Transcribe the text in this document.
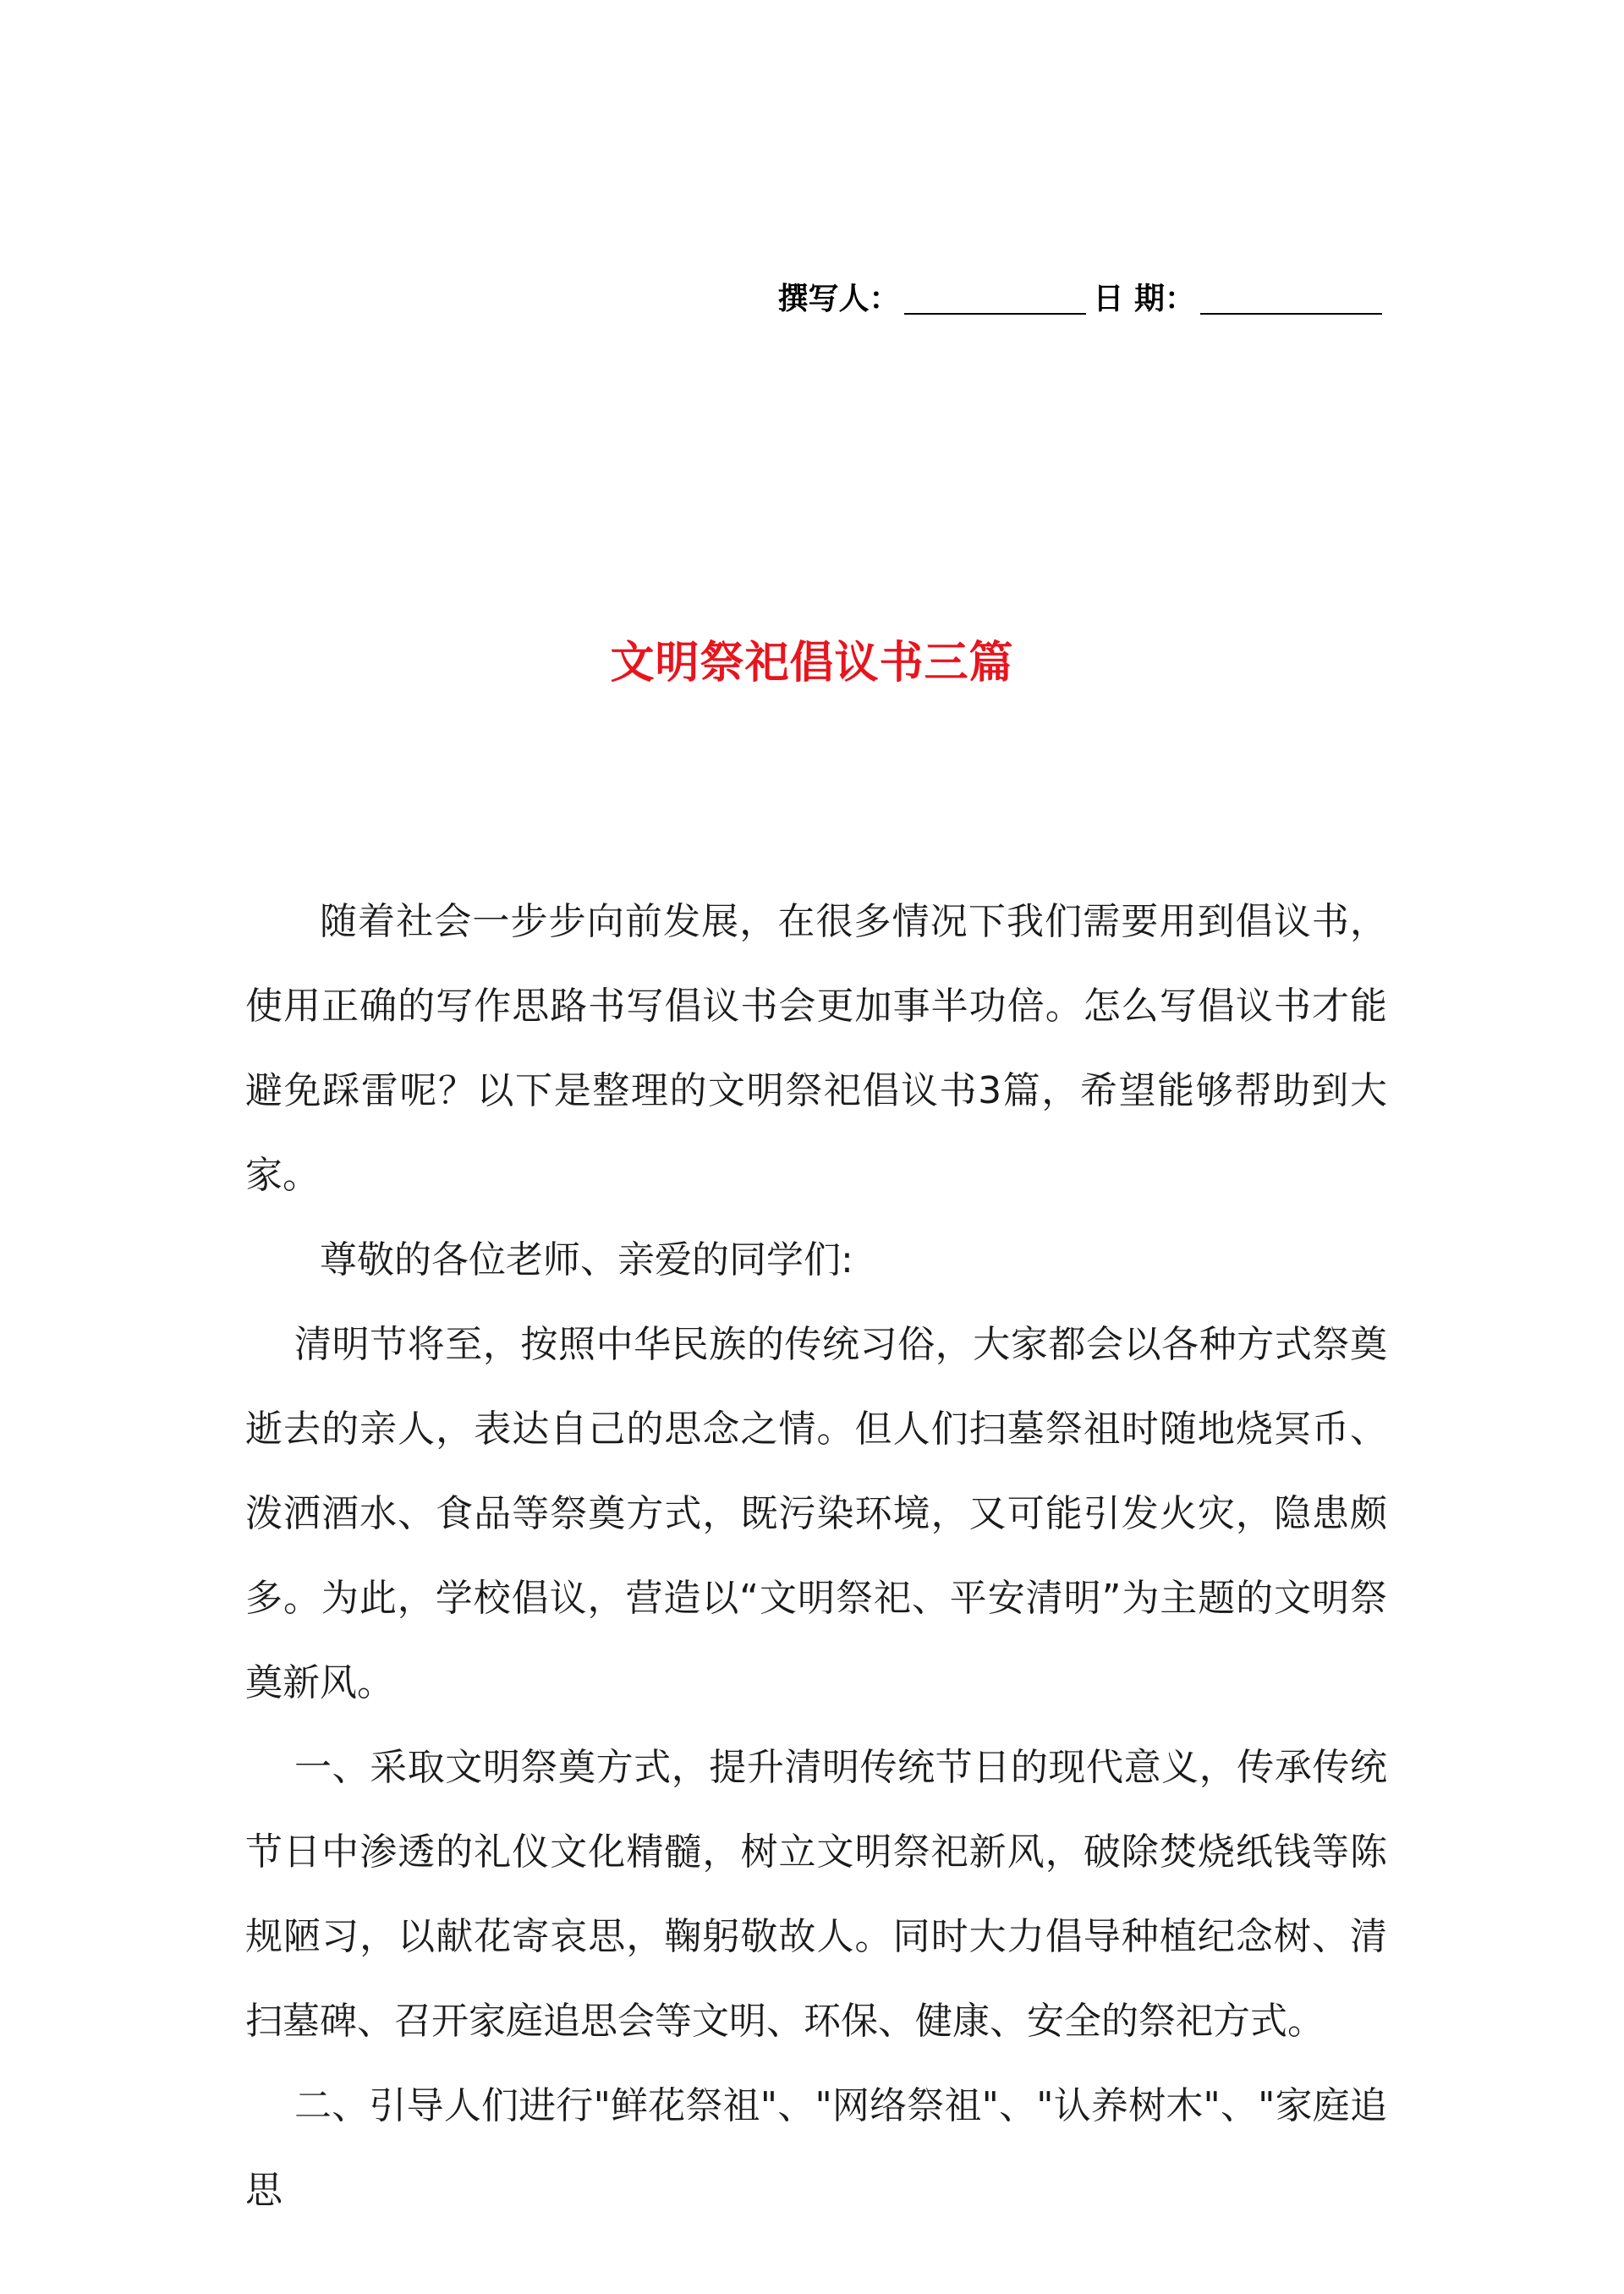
撰写人：	日 期：
文明祭祀倡议书三篇

随着社会一步步向前发展，在很多情况下我们需要用到倡议书，使用正确的写作思路书写倡议书会更加事半功倍。怎么写倡议书才能避免踩雷呢？以下是整理的文明祭祀倡议书3篇，希望能够帮助到大家。

尊敬的各位老师、亲爱的同学们:

清明节将至，按照中华民族的传统习俗，大家都会以各种方式祭奠逝去的亲人，表达自己的思念之情。但人们扫墓祭祖时随地烧冥币、泼洒酒水、食品等祭奠方式，既污染环境，又可能引发火灾，隐患颇多。为此，学校倡议，营造以“文明祭祀、平安清明”为主题的文明祭奠新风。

一、采取文明祭奠方式，提升清明传统节日的现代意义，传承传统节日中渗透的礼仪文化精髓，树立文明祭祀新风，破除焚烧纸钱等陈规陋习，以献花寄哀思，鞠躬敬故人。同时大力倡导种植纪念树、清扫墓碑、召开家庭追思会等文明、环保、健康、安全的祭祀方式。

二、引导人们进行"鲜花祭祖"、"网络祭祖"、"认养树木"、"家庭追思
